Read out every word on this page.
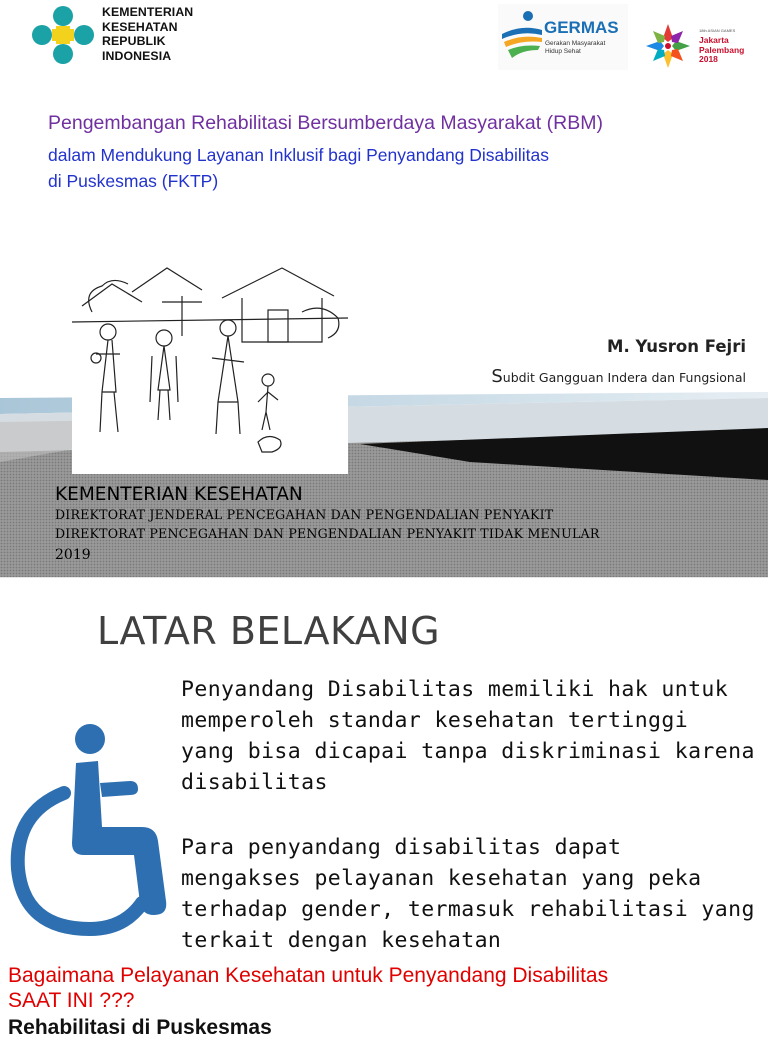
KEMENTERIAN
KESEHATAN
REPUBLIK
INDONESIA
GERMAS
Gerakan Masyarakat
Hidup Sehat
18th ASIAN GAMES
Jakarta
Palembang
2018
Pengembangan Rehabilitasi Bersumberdaya Masyarakat (RBM)
dalam Mendukung Layanan Inklusif bagi Penyandang Disabilitas
di Puskesmas (FKTP)
M. Yusron Fejri
Subdit Gangguan Indera dan Fungsional
KEMENTERIAN KESEHATAN
DIREKTORAT JENDERAL PENCEGAHAN DAN PENGENDALIAN PENYAKIT
DIREKTORAT PENCEGAHAN DAN PENGENDALIAN PENYAKIT TIDAK MENULAR
2019
LATAR BELAKANG
Penyandang Disabilitas memiliki hak untuk
memperoleh standar kesehatan tertinggi
yang bisa dicapai tanpa diskriminasi karena
disabilitas
Para penyandang disabilitas dapat
mengakses pelayanan kesehatan yang peka
terhadap gender, termasuk rehabilitasi yang
terkait dengan kesehatan
Bagaimana Pelayanan Kesehatan untuk Penyandang Disabilitas
SAAT INI ???
Rehabilitasi di Puskesmas
